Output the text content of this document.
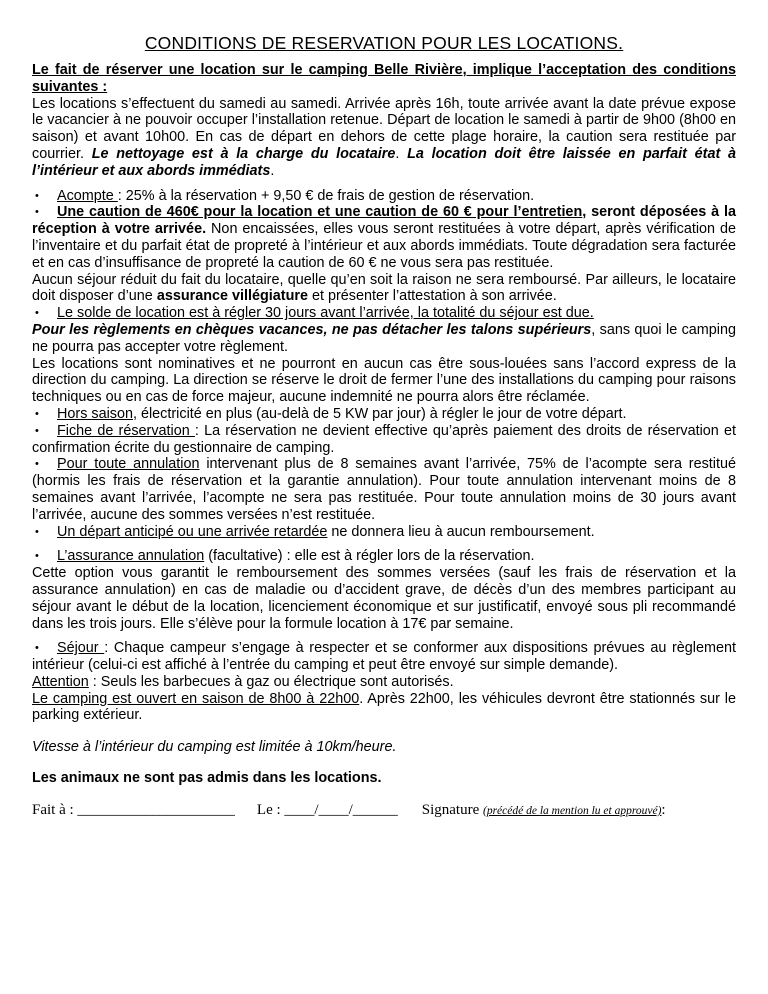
CONDITIONS DE RESERVATION POUR LES LOCATIONS.

Le fait de réserver une location sur le camping Belle Rivière, implique l’acceptation des conditions suivantes :

Les locations s’effectuent du samedi au samedi. Arrivée après 16h, toute arrivée avant la date prévue expose le vacancier à ne pouvoir occuper l’installation retenue. Départ de location le samedi à partir de 9h00 (8h00 en saison) et avant 10h00. En cas de départ en dehors de cette plage horaire, la caution sera restituée par courrier. Le nettoyage est à la charge du locataire. La location doit être laissée en parfait état à l’intérieur et aux abords immédiats.

• Acompte : 25% à la réservation + 9,50 € de frais de gestion de réservation.

• Une caution de 460€ pour la location et une caution de 60 € pour l’entretien, seront déposées à la réception à votre arrivée. Non encaissées, elles vous seront restituées à votre départ, après vérification de l’inventaire et du parfait état de propreté à l’intérieur et aux abords immédiats. Toute dégradation sera facturée et en cas d’insuffisance de propreté la caution de 60 € ne vous sera pas restituée.

Aucun séjour réduit du fait du locataire, quelle qu’en soit la raison ne sera remboursé. Par ailleurs, le locataire doit disposer d’une assurance villégiature et présenter l’attestation à son arrivée.

• Le solde de location est à régler 30 jours avant l’arrivée, la totalité du séjour est due.

Pour les règlements en chèques vacances, ne pas détacher les talons supérieurs, sans quoi le camping ne pourra pas accepter votre règlement.

Les locations sont nominatives et ne pourront en aucun cas être sous-louées sans l’accord express de la direction du camping. La direction se réserve le droit de fermer l’une des installations du camping pour raisons techniques ou en cas de force majeur, aucune indemnité ne pourra alors être réclamée.

• Hors saison, électricité en plus (au-delà de 5 KW par jour) à régler le jour de votre départ.

• Fiche de réservation : La réservation ne devient effective qu’après paiement des droits de réservation et confirmation écrite du gestionnaire de camping.

• Pour toute annulation intervenant plus de 8 semaines avant l’arrivée, 75% de l’acompte sera restitué (hormis les frais de réservation et la garantie annulation). Pour toute annulation intervenant moins de 8 semaines avant l’arrivée, l’acompte ne sera pas restituée. Pour toute annulation moins de 30 jours avant l’arrivée, aucune des sommes versées n’est restituée.

• Un départ anticipé ou une arrivée retardée ne donnera lieu à aucun remboursement.

• L’assurance annulation (facultative) : elle est à régler lors de la réservation.

Cette option vous garantit le remboursement des sommes versées (sauf les frais de réservation et la assurance annulation) en cas de maladie ou d’accident grave, de décès d’un des membres participant au séjour avant le début de la location, licenciement économique et sur justificatif, envoyé sous pli recommandé dans les trois jours. Elle s’élève pour la formule location à 17€ par semaine.

• Séjour : Chaque campeur s’engage à respecter et se conformer aux dispositions prévues au règlement intérieur (celui-ci est affiché à l’entrée du camping et peut être envoyé sur simple demande).

Attention : Seuls les barbecues à gaz ou électrique sont autorisés.

Le camping est ouvert en saison de 8h00 à 22h00. Après 22h00, les véhicules devront être stationnés sur le parking extérieur.

Vitesse à l’intérieur du camping est limitée à 10km/heure.

Les animaux ne sont pas admis dans les locations.

Fait à : _____________________ Le : ____/____/______ Signature (précédé de la mention lu et approuvé):
